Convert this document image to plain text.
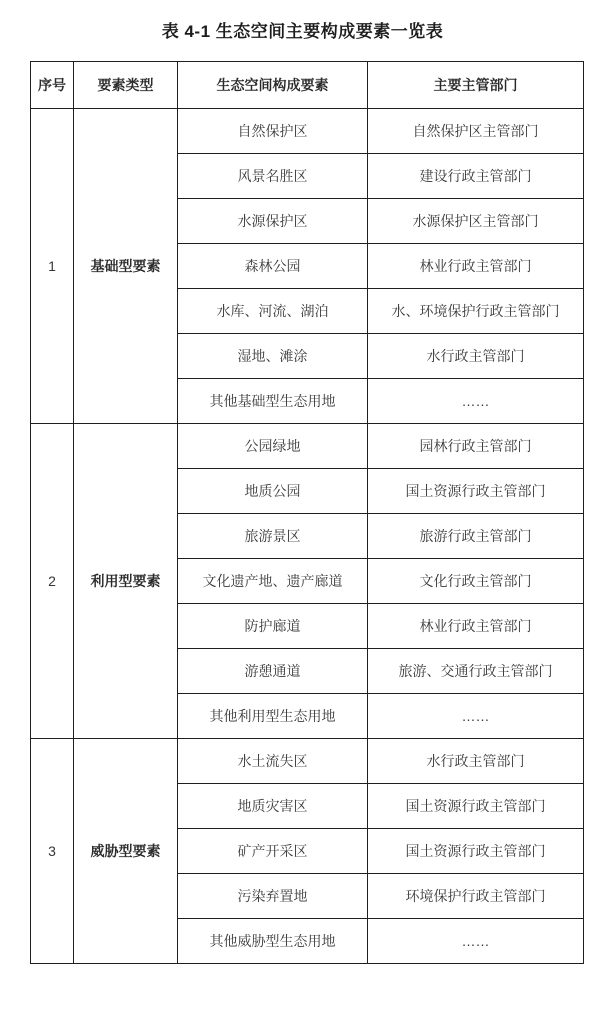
表 4-1 生态空间主要构成要素一览表
序号	要素类型	生态空间构成要素	主要主管部门
1	基础型要素	自然保护区	自然保护区主管部门
		风景名胜区	建设行政主管部门
		水源保护区	水源保护区主管部门
		森林公园	林业行政主管部门
		水库、河流、湖泊	水、环境保护行政主管部门
		湿地、滩涂	水行政主管部门
		其他基础型生态用地	……
2	利用型要素	公园绿地	园林行政主管部门
		地质公园	国土资源行政主管部门
		旅游景区	旅游行政主管部门
		文化遗产地、遗产廊道	文化行政主管部门
		防护廊道	林业行政主管部门
		游憩通道	旅游、交通行政主管部门
		其他利用型生态用地	……
3	威胁型要素	水土流失区	水行政主管部门
		地质灾害区	国土资源行政主管部门
		矿产开采区	国土资源行政主管部门
		污染弃置地	环境保护行政主管部门
		其他威胁型生态用地	……
